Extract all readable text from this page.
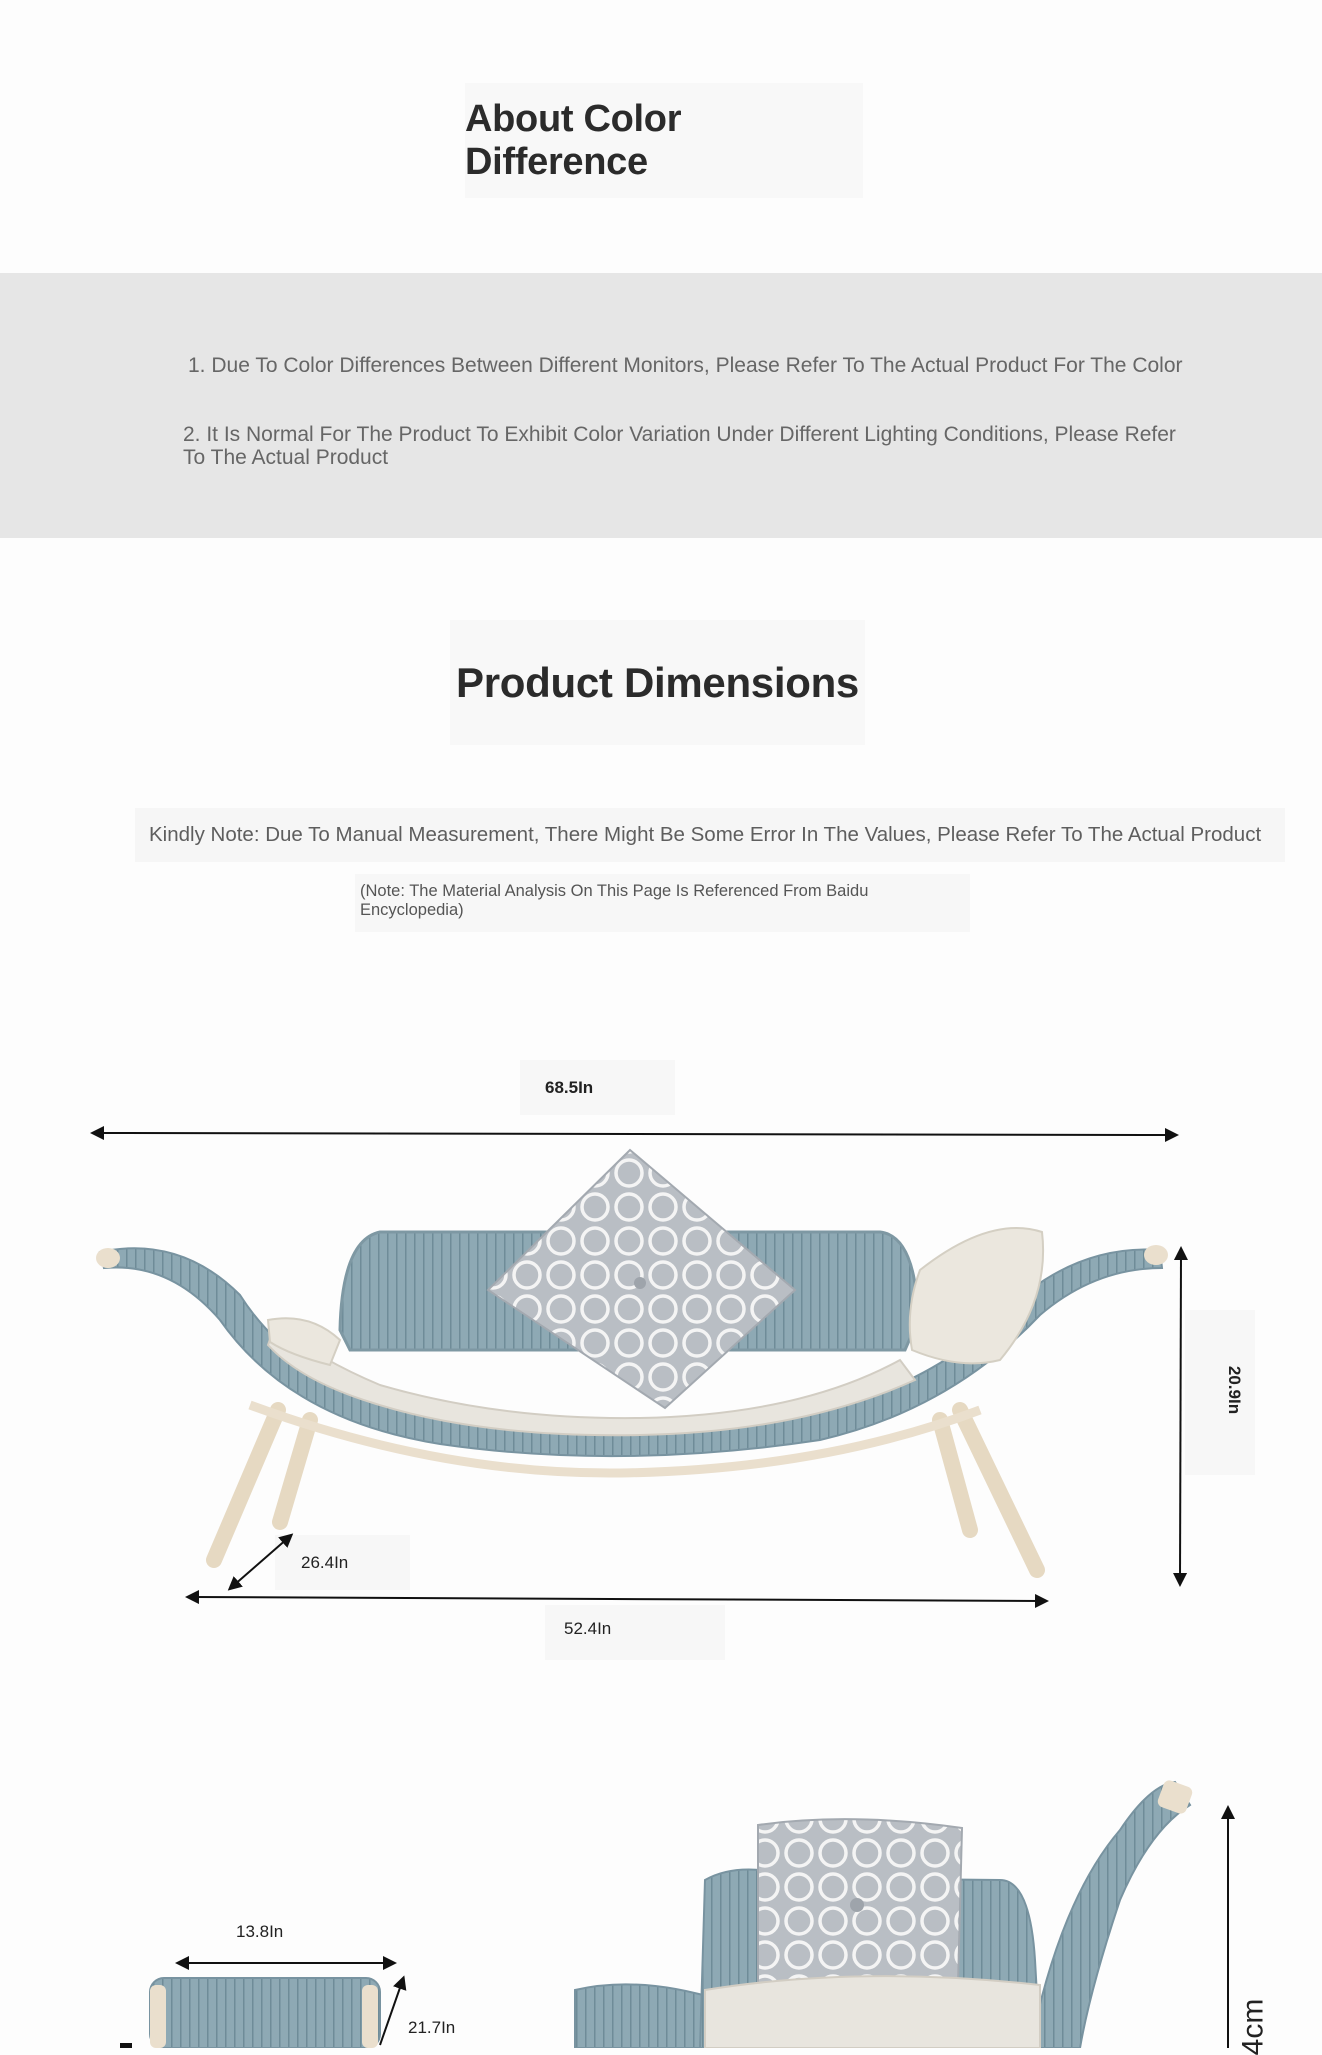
About Color Difference
1. Due To Color Differences Between Different Monitors, Please Refer To The Actual Product For The Color
2. It Is Normal For The Product To Exhibit Color Variation Under Different Lighting Conditions, Please Refer To The Actual Product
Product Dimensions
Kindly Note: Due To Manual Measurement, There Might Be Some Error In The Values, Please Refer To The Actual Product
(Note: The Material Analysis On This Page Is Referenced From Baidu Encyclopedia)
68.5In
20.9In
26.4In
52.4In
13.8In
21.7In	4cm
